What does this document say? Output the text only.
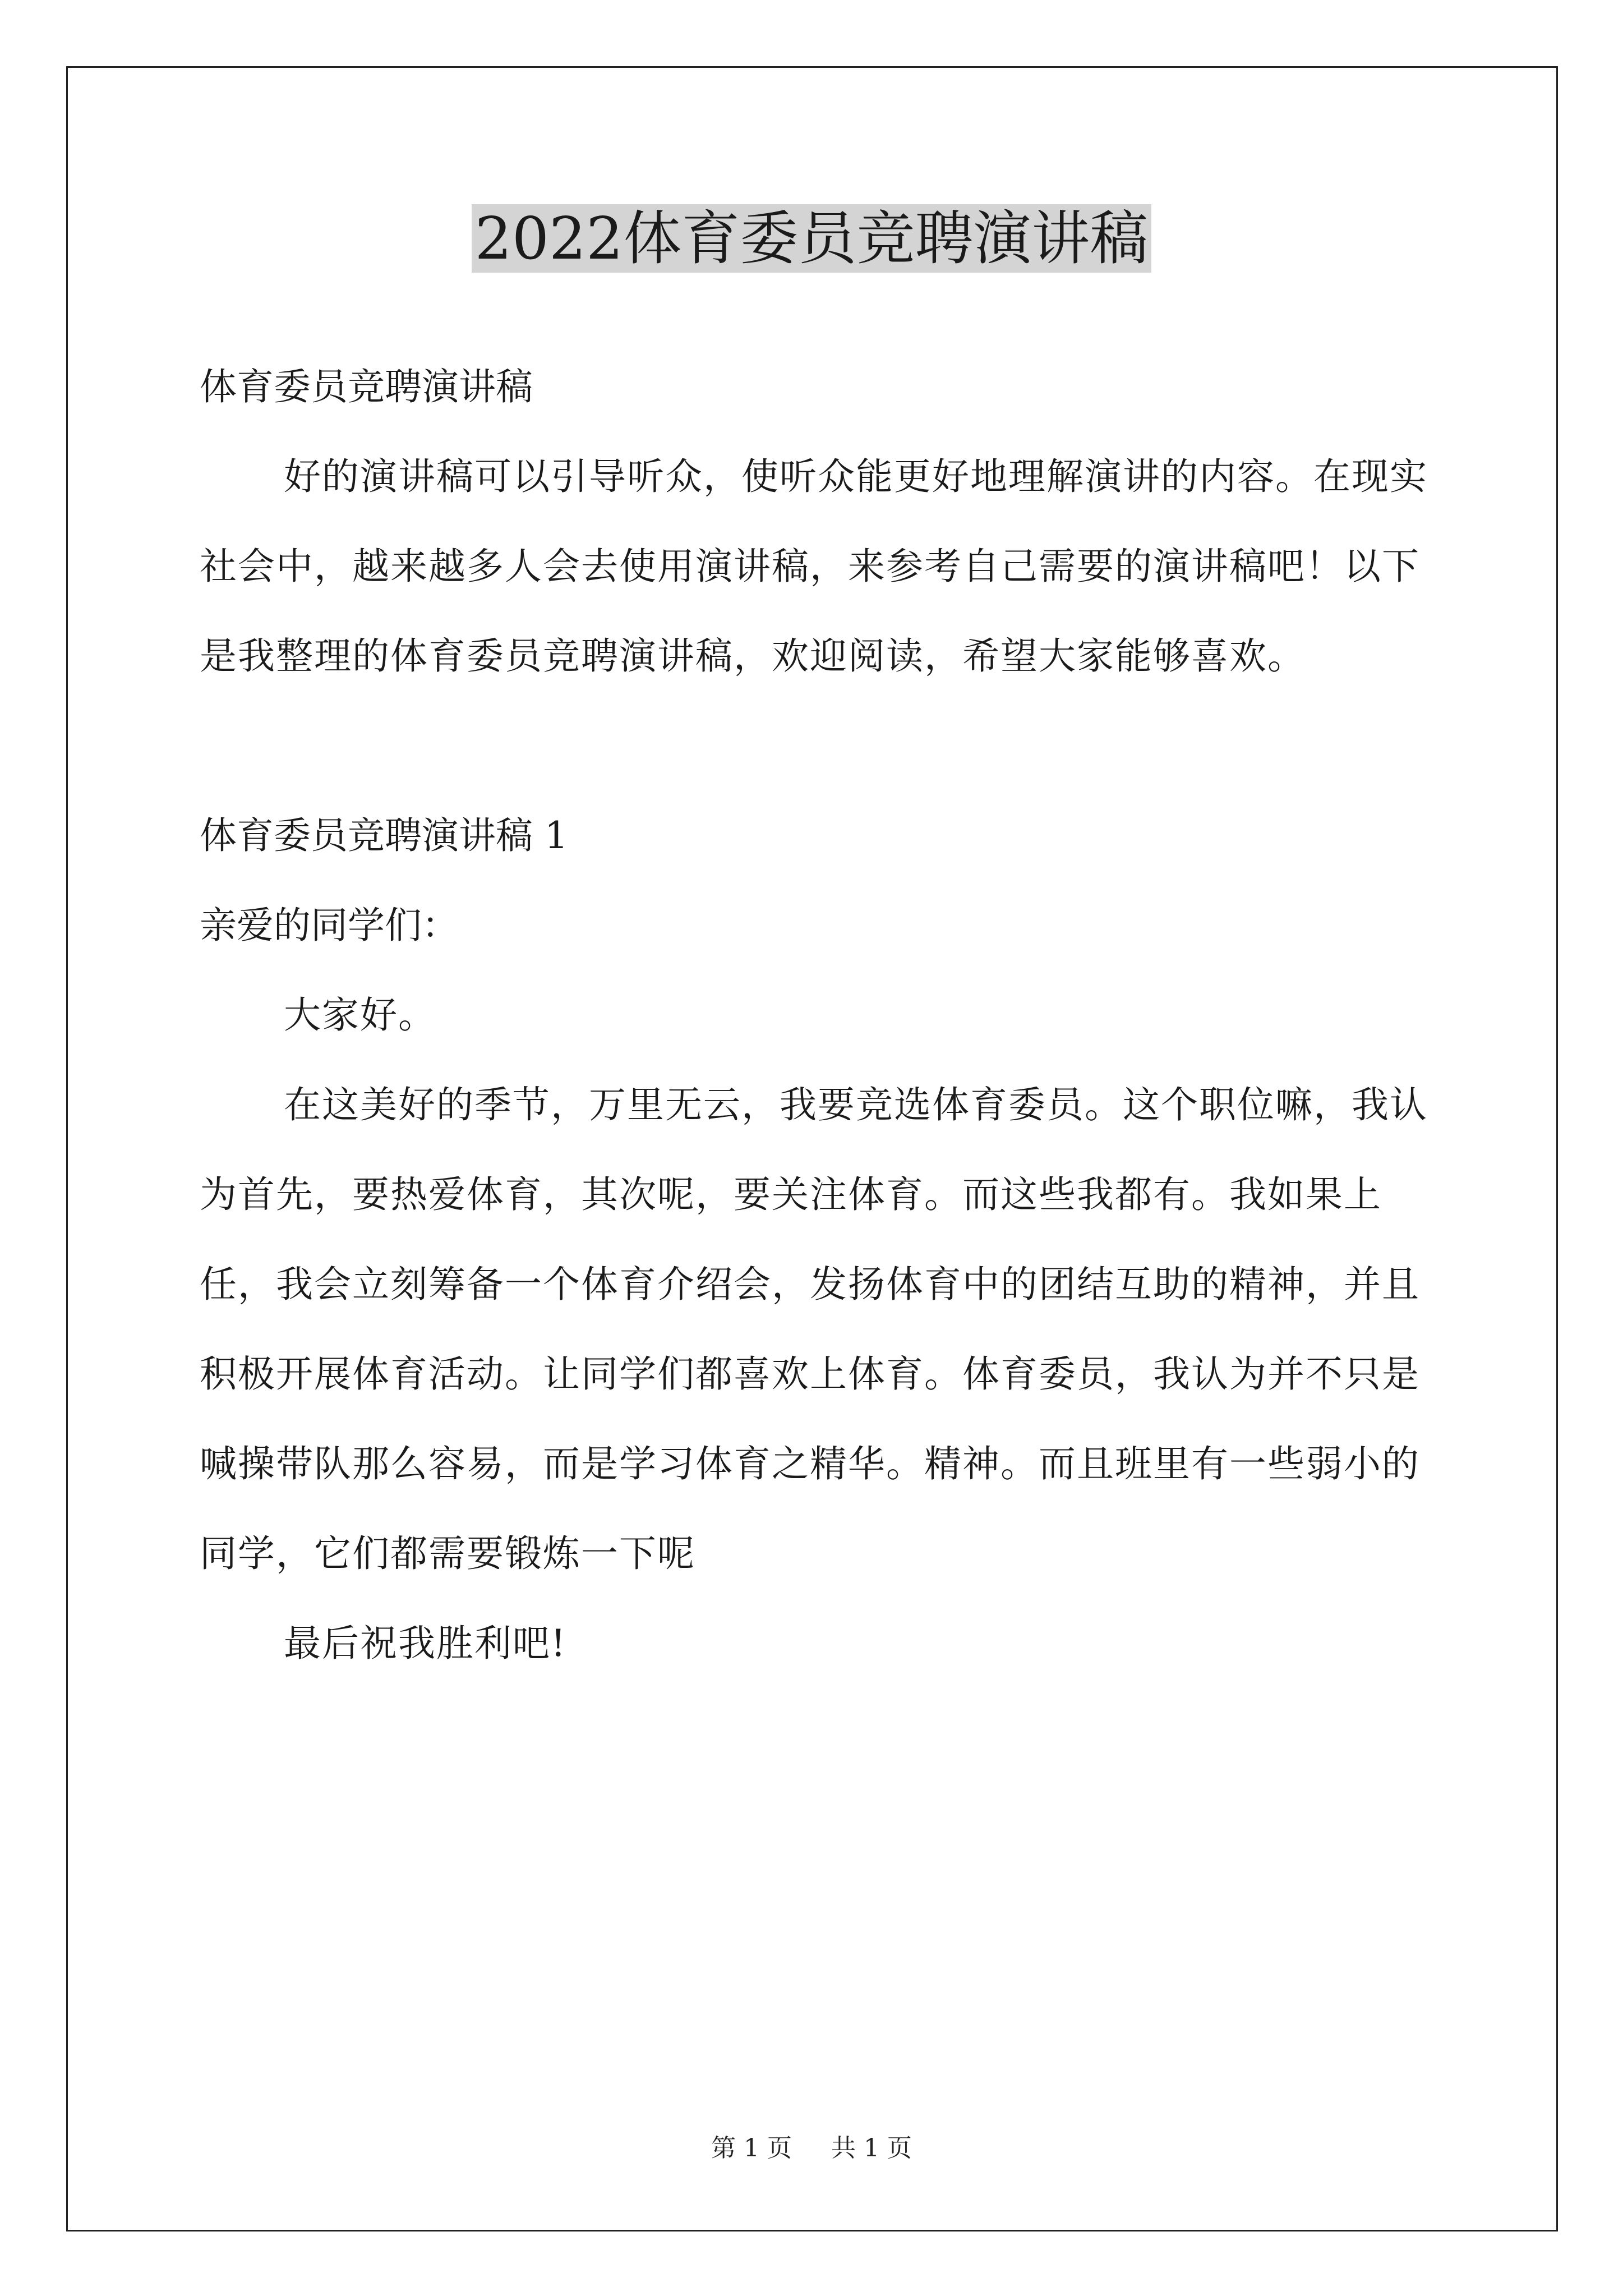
2022体育委员竞聘演讲稿

体育委员竞聘演讲稿

好的演讲稿可以引导听众，使听众能更好地理解演讲的内容。在现实社会中，越来越多人会去使用演讲稿，来参考自己需要的演讲稿吧！以下是我整理的体育委员竞聘演讲稿，欢迎阅读，希望大家能够喜欢。

体育委员竞聘演讲稿 1

亲爱的同学们：

大家好。

在这美好的季节，万里无云，我要竞选体育委员。这个职位嘛，我认为首先，要热爱体育，其次呢，要关注体育。而这些我都有。我如果上任，我会立刻筹备一个体育介绍会，发扬体育中的团结互助的精神，并且积极开展体育活动。让同学们都喜欢上体育。体育委员，我认为并不只是喊操带队那么容易，而是学习体育之精华。精神。而且班里有一些弱小的同学，它们都需要锻炼一下呢

最后祝我胜利吧!

第 1 页 共 1 页
